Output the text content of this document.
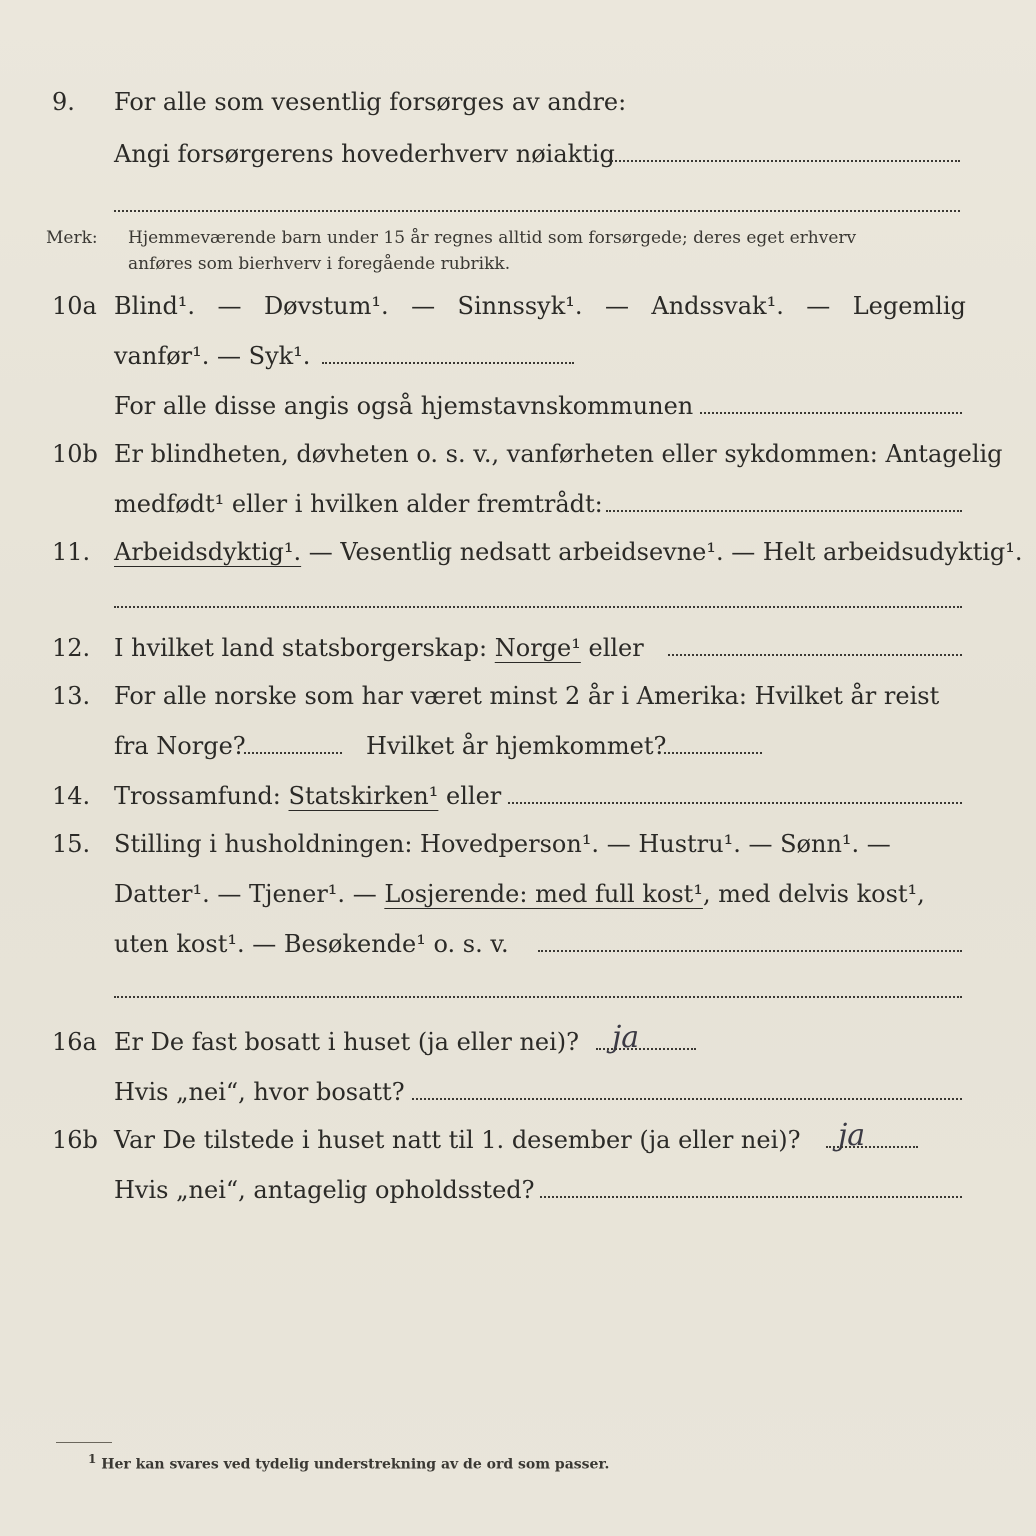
9. For alle som vesentlig forsørges av andre:
Angi forsørgerens hovederhverv nøiaktig
Merk: Hjemmeværende barn under 15 år regnes alltid som forsørgede; deres eget erhverv
anføres som bierhverv i foregående rubrikk.
10a Blind¹. — Døvstum¹. — Sinnssyk¹. — Andssvak¹. — Legemlig
vanfør¹. — Syk¹.
For alle disse angis også hjemstavnskommunen
10b Er blindheten, døvheten o. s. v., vanførheten eller sykdommen: Antagelig
medfødt¹ eller i hvilken alder fremtrådt:
11. Arbeidsdyktig¹. — Vesentlig nedsatt arbeidsevne¹. — Helt arbeidsudyktig¹.
12. I hvilket land statsborgerskap: Norge¹ eller
13. For alle norske som har været minst 2 år i Amerika: Hvilket år reist
fra Norge?	Hvilket år hjemkommet?
14. Trossamfund: Statskirken¹ eller
15. Stilling i husholdningen: Hovedperson¹. — Hustru¹. — Sønn¹. —
Datter¹. — Tjener¹. — Losjerende: med full kost¹, med delvis kost¹,
uten kost¹. — Besøkende¹ o. s. v.
16a Er De fast bosatt i huset (ja eller nei)? ja
Hvis „nei“, hvor bosatt?
16b Var De tilstede i huset natt til 1. desember (ja eller nei)? ja
Hvis „nei“, antagelig opholdssted?
$^1$ Her kan svares ved tydelig understrekning av de ord som passer.
